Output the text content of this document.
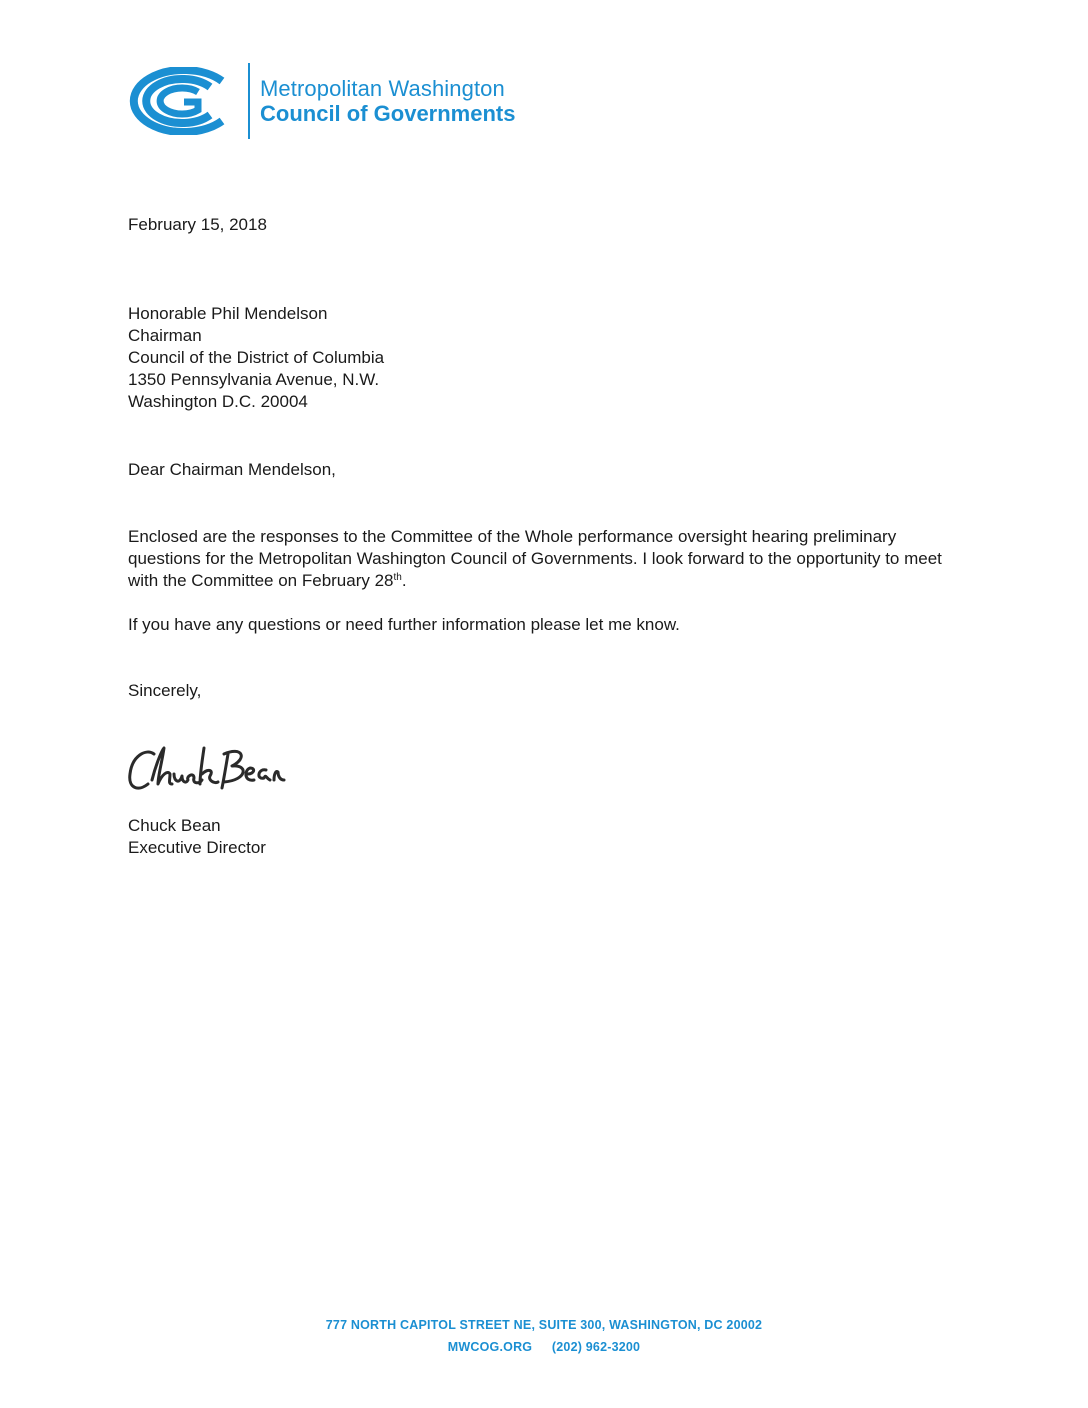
Metropolitan Washington
Council of Governments

February 15, 2018

Honorable Phil Mendelson
Chairman
Council of the District of Columbia
1350 Pennsylvania Avenue, N.W.
Washington D.C. 20004

Dear Chairman Mendelson,

Enclosed are the responses to the Committee of the Whole performance oversight hearing preliminary questions for the Metropolitan Washington Council of Governments. I look forward to the opportunity to meet with the Committee on February 28th.

If you have any questions or need further information please let me know.

Sincerely,

Chuck Bean
Executive Director
777 NORTH CAPITOL STREET NE, SUITE 300, WASHINGTON, DC 20002
MWCOG.ORG (202) 962-3200
